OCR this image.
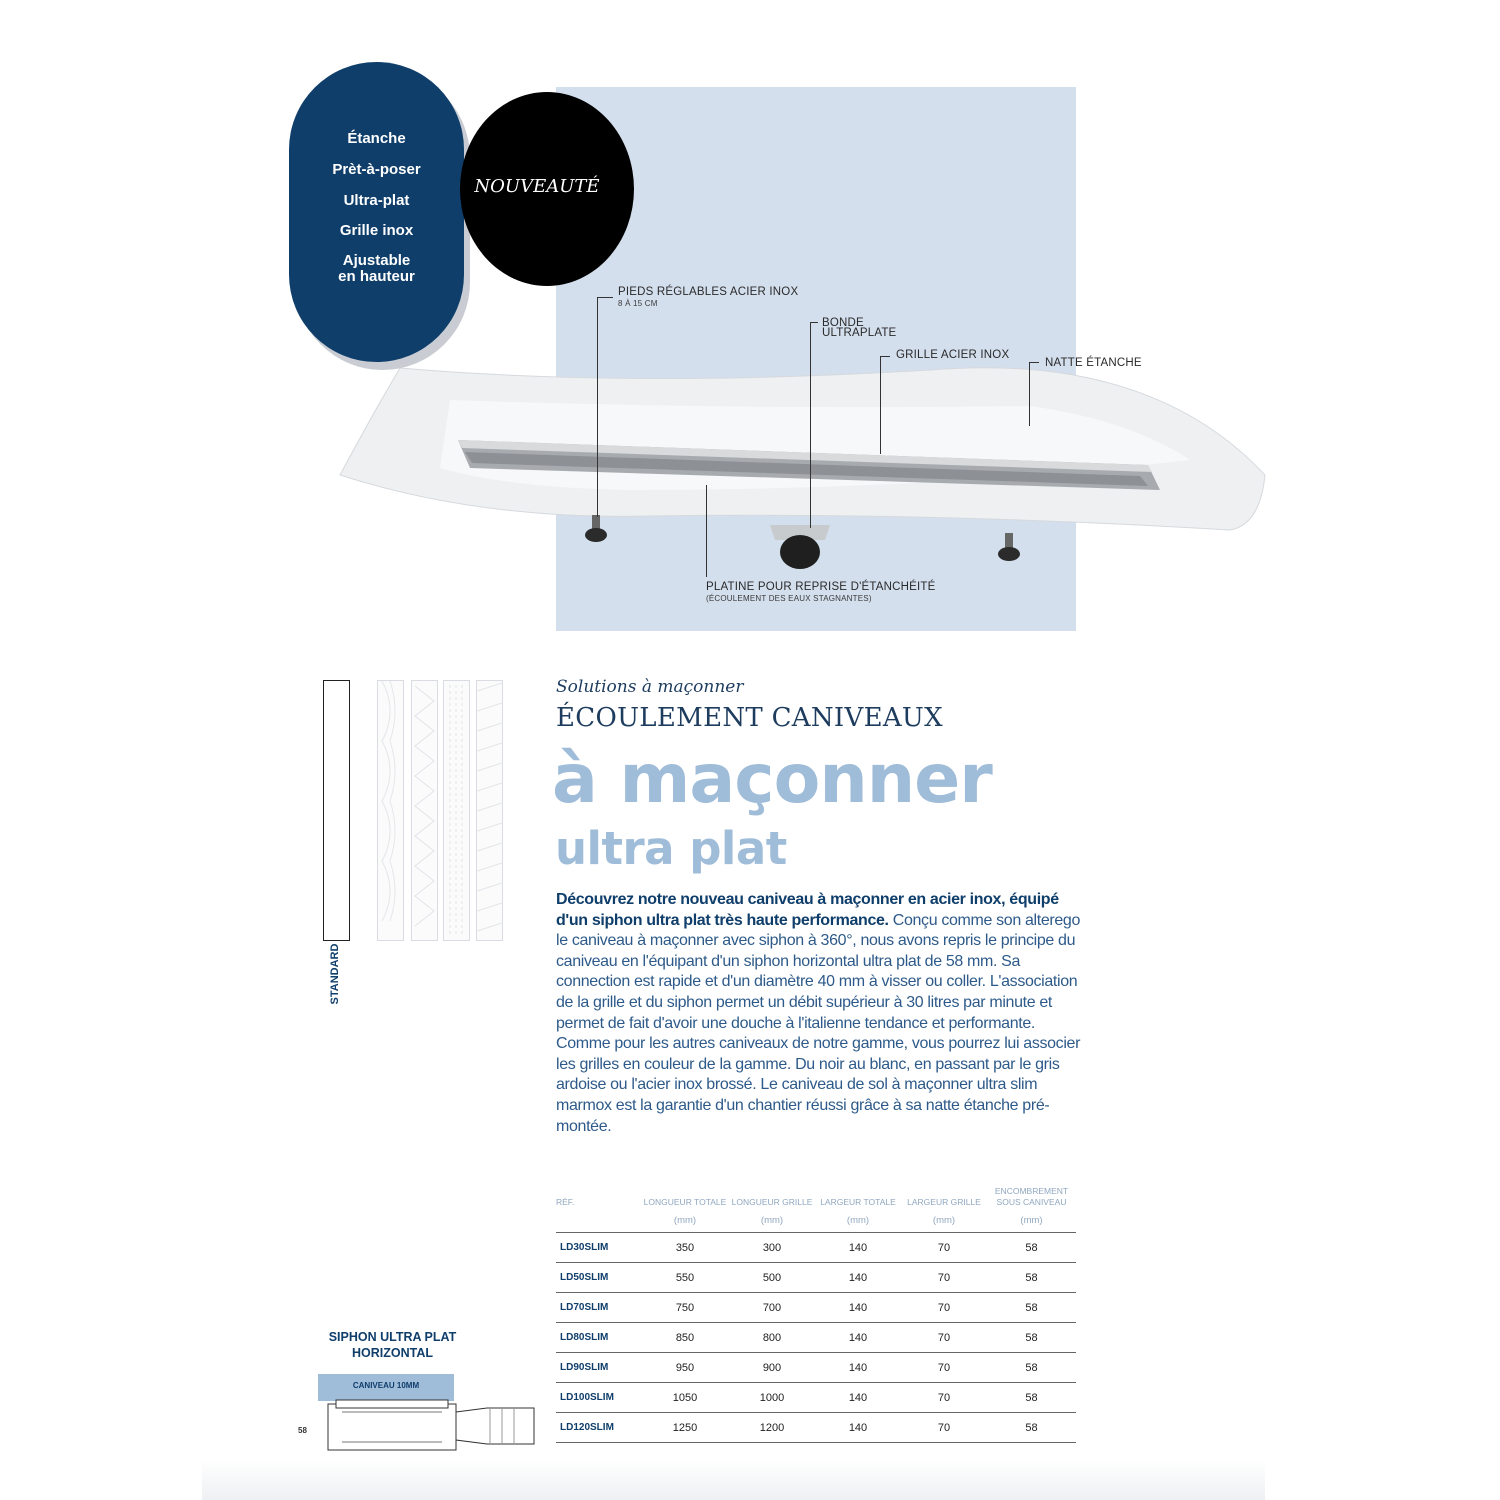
Étanche
Prèt-à-poser
Ultra-plat
Grille inox
Ajustable
en hauteur
NOUVEAUTÉ
PIEDS RÉGLABLES ACIER INOX
8 À 15 CM
BONDE
ULTRAPLATE
GRILLE ACIER INOX
NATTE ÉTANCHE
PLATINE POUR REPRISE D'ÉTANCHÉITÉ
(ÉCOULEMENT DES EAUX STAGNANTES)
STANDARD
Solutions à maçonner
ÉCOULEMENT CANIVEAUX
à maçonner
ultra plat
Découvrez notre nouveau caniveau à maçonner en acier inox, équipé d'un siphon ultra plat très haute performance. Conçu comme son alterego le caniveau à maçonner avec siphon à 360°, nous avons repris le principe du caniveau en l'équipant d'un siphon horizontal ultra plat de 58 mm. Sa connection est rapide et d'un diamètre 40 mm à visser ou coller. L'association de la grille et du siphon permet un débit supérieur à 30 litres par minute et permet de fait d'avoir une douche à l'italienne tendance et performante. Comme pour les autres caniveaux de notre gamme, vous pourrez lui associer les grilles en couleur de la gamme. Du noir au blanc, en passant par le gris ardoise ou l'acier inox brossé. Le caniveau de sol à maçonner ultra slim marmox est la garantie d'un chantier réussi grâce à sa natte étanche pré-montée.
RÉF.	LONGUEUR TOTALE	LONGUEUR GRILLE	LARGEUR TOTALE	LARGEUR GRILLE	ENCOMBREMENT SOUS CANIVEAU
	(mm)	(mm)	(mm)	(mm)	(mm)
LD30SLIM	350	300	140	70	58
LD50SLIM	550	500	140	70	58
LD70SLIM	750	700	140	70	58
LD80SLIM	850	800	140	70	58
LD90SLIM	950	900	140	70	58
LD100SLIM	1050	1000	140	70	58
LD120SLIM	1250	1200	140	70	58
SIPHON ULTRA PLAT
HORIZONTAL
CANIVEAU 10MM
58
